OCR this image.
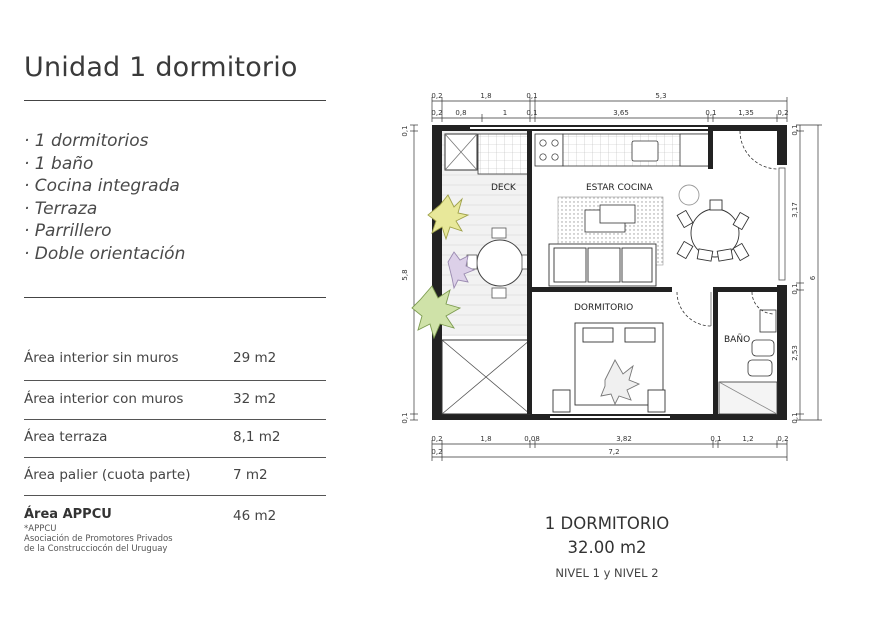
Unidad 1 dormitorio
· 1 dormitorios
· 1 baño
· Cocina integrada
· Terraza
· Parrillero
· Doble orientación
Área interior sin muros	29 m2
Área interior con muros	32 m2
Área terraza	8,1 m2
Área palier (cuota parte)	7 m2
Área APPCU	46 m2
*APPCU
Asociación de Promotores Privados
de la Construcciocón del Uruguay
0,2	1,8	0,1	5,3
0,2 0,8	1	0,1	3,65	0,1	1,35	0,2
0,1
5,8
0,1
0,1
3,17
0,1
2,53
0,1
6
0,2	1,8	0,08	3,82	0,1	1,2	0,2
0,2	7,2
DECK	ESTAR COCINA
DORMITORIO
BAÑO
1 DORMITORIO
32.00 m2
NIVEL 1 y NIVEL 2
